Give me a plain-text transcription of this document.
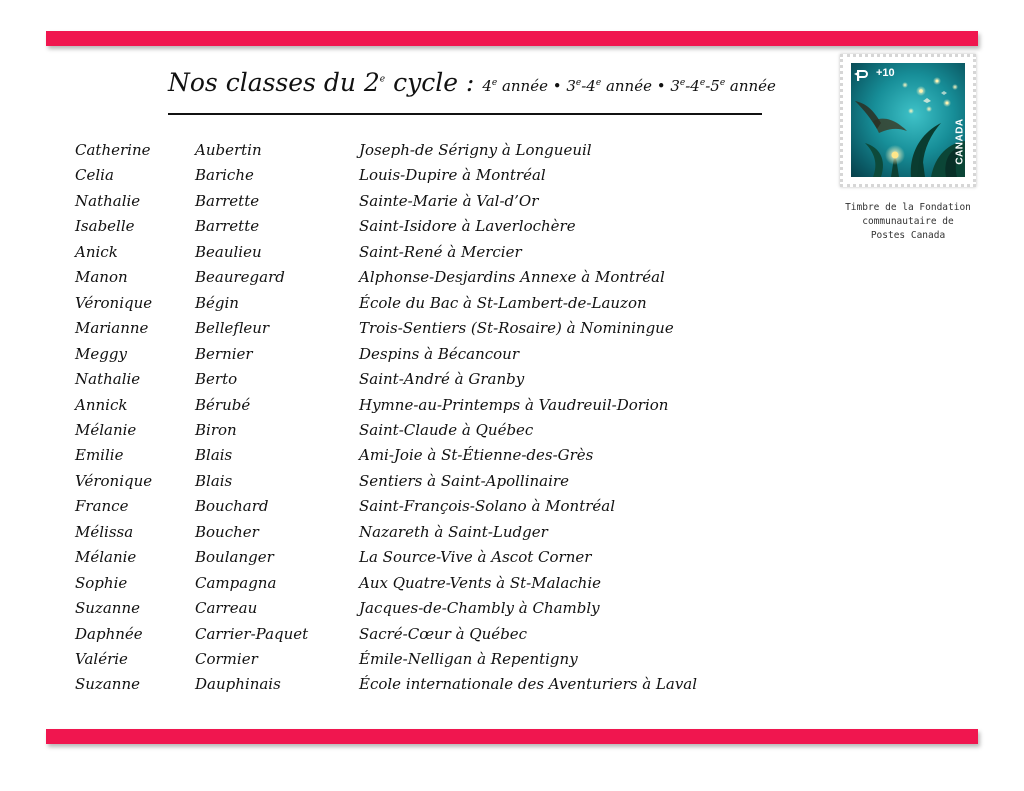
Nos classes du 2e cycle : 4e année • 3e-4e année • 3e-4e-5e année
Catherine	Aubertin	Joseph-de Sérigny à Longueuil
Celia	Bariche	Louis-Dupire à Montréal
Nathalie	Barrette	Sainte-Marie à Val-d’Or
Isabelle	Barrette	Saint-Isidore à Laverlochère
Anick	Beaulieu	Saint-René à Mercier
Manon	Beauregard	Alphonse-Desjardins Annexe à Montréal
Véronique	Bégin	École du Bac à St-Lambert-de-Lauzon
Marianne	Bellefleur	Trois-Sentiers (St-Rosaire) à Nominingue
Meggy	Bernier	Despins à Bécancour
Nathalie	Berto	Saint-André à Granby
Annick	Bérubé	Hymne-au-Printemps à Vaudreuil-Dorion
Mélanie	Biron	Saint-Claude à Québec
Emilie	Blais	Ami-Joie à St-Étienne-des-Grès
Véronique	Blais	Sentiers à Saint-Apollinaire
France	Bouchard	Saint-François-Solano à Montréal
Mélissa	Boucher	Nazareth à Saint-Ludger
Mélanie	Boulanger	La Source-Vive à Ascot Corner
Sophie	Campagna	Aux Quatre-Vents à St-Malachie
Suzanne	Carreau	Jacques-de-Chambly à Chambly
Daphnée	Carrier-Paquet	Sacré-Cœur à Québec
Valérie	Cormier	Émile-Nelligan à Repentigny
Suzanne	Dauphinais	École internationale des Aventuriers à Laval
+10
CANADA
Timbre de la Fondation
communautaire de
Postes Canada
